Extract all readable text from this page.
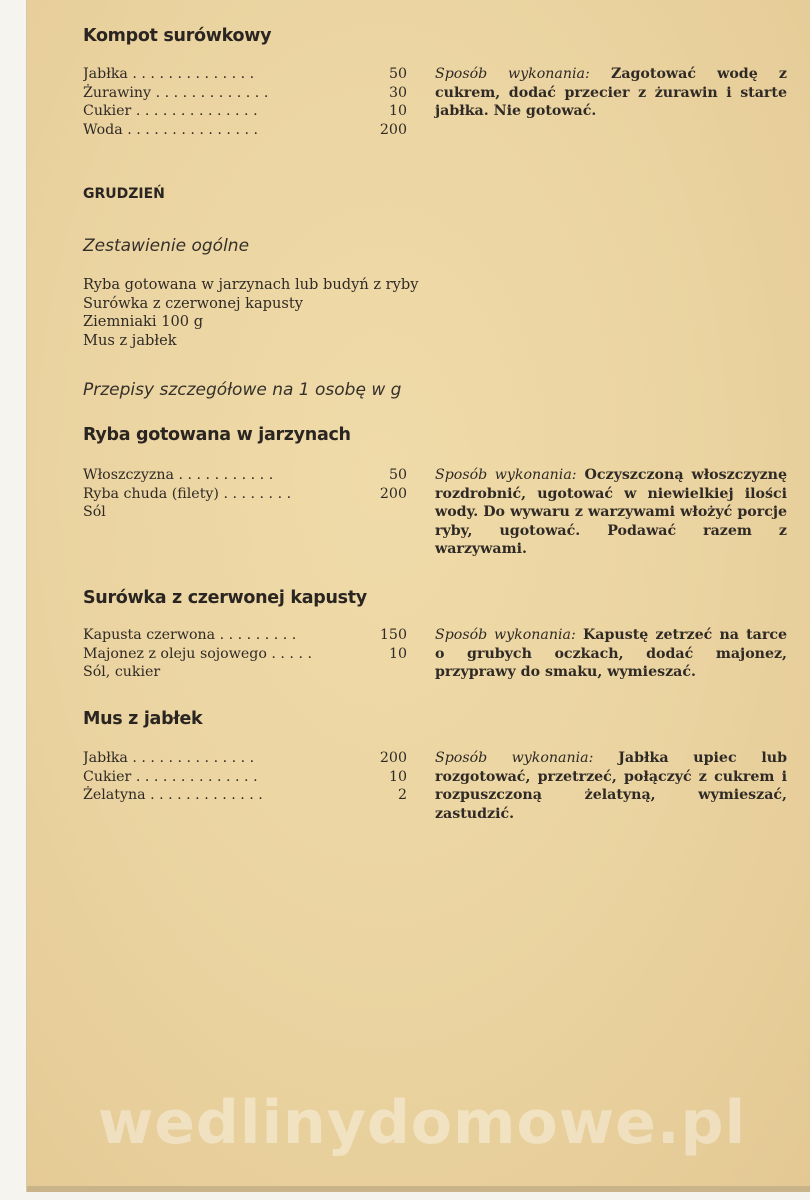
Kompot surówkowy
Jabłka . . . . . . . . . . . . . .	50
Żurawiny . . . . . . . . . . . . .	30
Cukier . . . . . . . . . . . . . .	10
Woda . . . . . . . . . . . . . . .	200
Sposób wykonania: Zagotować wodę z cukrem, dodać przecier z żurawin i starte jabłka. Nie gotować.
GRUDZIEŃ
Zestawienie ogólne
Ryba gotowana w jarzynach lub budyń z ryby
Surówka z czerwonej kapusty
Ziemniaki 100 g
Mus z jabłek
Przepisy szczegółowe na 1 osobę w g
Ryba gotowana w jarzynach
Włoszczyzna . . . . . . . . . . .	50
Ryba chuda (filety) . . . . . . . .	200
Sól
Sposób wykonania: Oczyszczoną włoszczyznę rozdrobnić, ugotować w niewielkiej ilości wody. Do wywaru z warzywami włożyć porcje ryby, ugotować. Podawać razem z warzywami.
Surówka z czerwonej kapusty
Kapusta czerwona . . . . . . . . .	150
Majonez z oleju sojowego . . . . .	10
Sól, cukier
Sposób wykonania: Kapustę zetrzeć na tarce o grubych oczkach, dodać majonez, przyprawy do smaku, wymieszać.
Mus z jabłek
Jabłka . . . . . . . . . . . . . .	200
Cukier . . . . . . . . . . . . . .	10
Żelatyna . . . . . . . . . . . . .	2
Sposób wykonania: Jabłka upiec lub rozgotować, przetrzeć, połączyć z cukrem i rozpuszczoną żelatyną, wymieszać, zastudzić.
wedlinydomowe.pl
